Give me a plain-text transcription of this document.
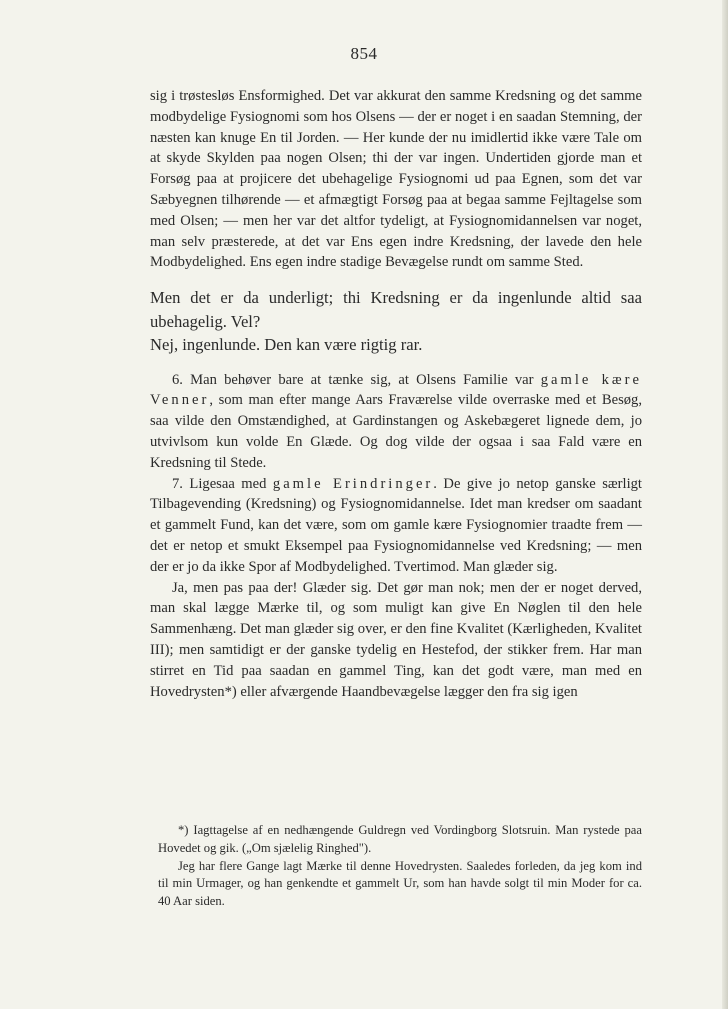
854

sig i trøstesløs Ensformighed. Det var akkurat den samme Kredsning og det samme modbydelige Fysiognomi som hos Olsens — der er noget i en saadan Stemning, der næsten kan knuge En til Jorden. — Her kunde der nu imidlertid ikke være Tale om at skyde Skylden paa nogen Olsen; thi der var ingen. Undertiden gjorde man et Forsøg paa at projicere det ubehagelige Fysiognomi ud paa Egnen, som det var Sæbyegnen tilhørende — et afmægtigt Forsøg paa at begaa samme Fejltagelse som med Olsen; — men her var det altfor tydeligt, at Fysiognomidannelsen var noget, man selv præsterede, at det var Ens egen indre Kredsning, der lavede den hele Modbydelighed. Ens egen indre stadige Bevægelse rundt om samme Sted.

Men det er da underligt; thi Kredsning er da ingenlunde altid saa ubehagelig. Vel?

Nej, ingenlunde. Den kan være rigtig rar.

6. Man behøver bare at tænke sig, at Olsens Familie var gamle kære Venner, som man efter mange Aars Fraværelse vilde overraske med et Besøg, saa vilde den Omstændighed, at Gardinstangen og Askebægeret lignede dem, jo utvivlsom kun volde En Glæde. Og dog vilde der ogsaa i saa Fald være en Kredsning til Stede.

7. Ligesaa med gamle Erindringer. De give jo netop ganske særligt Tilbagevending (Kredsning) og Fysiognomidannelse. Idet man kredser om saadant et gammelt Fund, kan det være, som om gamle kære Fysiognomier traadte frem — det er netop et smukt Eksempel paa Fysiognomidannelse ved Kredsning; — men der er jo da ikke Spor af Modbydelighed. Tvertimod. Man glæder sig.

Ja, men pas paa der! Glæder sig. Det gør man nok; men der er noget derved, man skal lægge Mærke til, og som muligt kan give En Nøglen til den hele Sammenhæng. Det man glæder sig over, er den fine Kvalitet (Kærligheden, Kvalitet III); men samtidigt er der ganske tydelig en Hestefod, der stikker frem. Har man stirret en Tid paa saadan en gammel Ting, kan det godt være, man med en Hovedrysten*) eller afværgende Haandbevægelse lægger den fra sig igen

*) Iagttagelse af en nedhængende Guldregn ved Vordingborg Slotsruin. Man rystede paa Hovedet og gik. („Om sjælelig Ringhed").

Jeg har flere Gange lagt Mærke til denne Hovedrysten. Saaledes forleden, da jeg kom ind til min Urmager, og han genkendte et gammelt Ur, som han havde solgt til min Moder for ca. 40 Aar siden.
